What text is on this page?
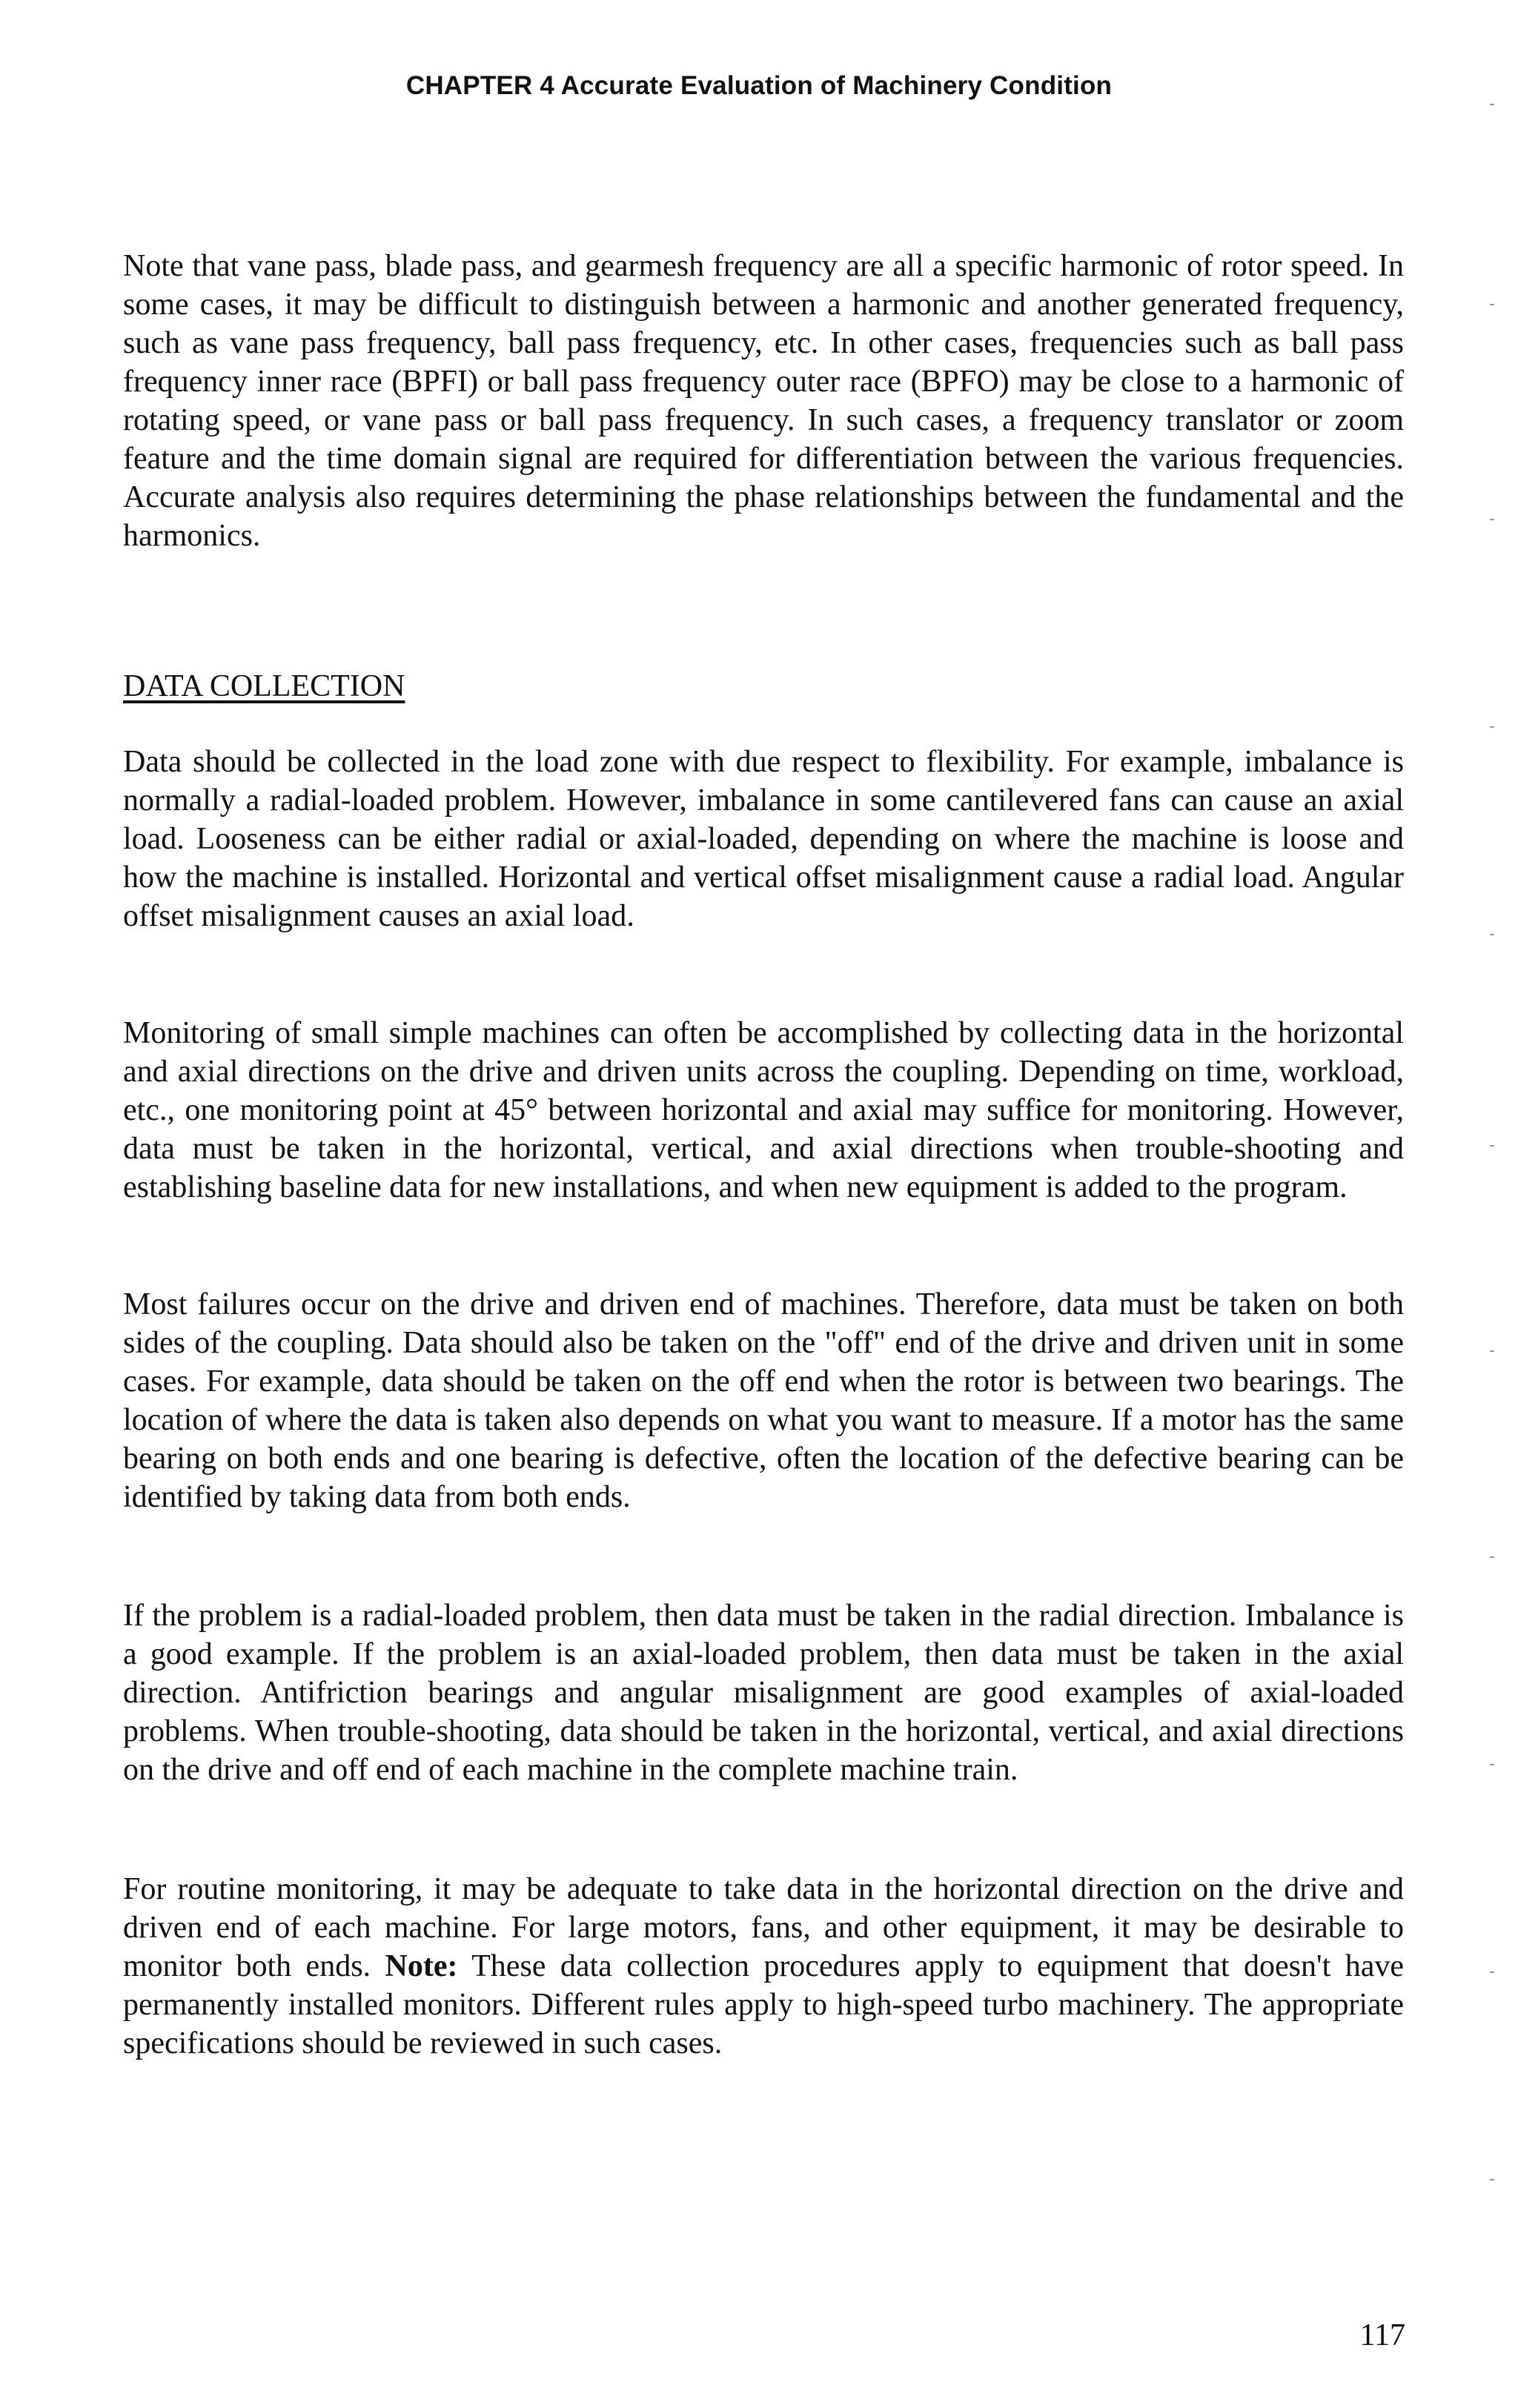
CHAPTER 4 Accurate Evaluation of Machinery Condition

Note that vane pass, blade pass, and gearmesh frequency are all a specific harmonic of rotor speed. In some cases, it may be difficult to distinguish between a harmonic and another generated frequency, such as vane pass frequency, ball pass frequency, etc. In other cases, frequencies such as ball pass frequency inner race (BPFI) or ball pass frequency outer race (BPFO) may be close to a harmonic of rotating speed, or vane pass or ball pass frequency. In such cases, a frequency translator or zoom feature and the time domain signal are required for differentiation between the various frequencies. Accurate analysis also requires determining the phase relationships between the fundamental and the harmonics.

DATA COLLECTION

Data should be collected in the load zone with due respect to flexibility. For example, imbalance is normally a radial-loaded problem. However, imbalance in some cantilevered fans can cause an axial load. Looseness can be either radial or axial-loaded, depending on where the machine is loose and how the machine is installed. Horizontal and vertical offset misalignment cause a radial load. Angular offset misalignment causes an axial load.

Monitoring of small simple machines can often be accomplished by collecting data in the horizontal and axial directions on the drive and driven units across the coupling. Depending on time, workload, etc., one monitoring point at 45° between horizontal and axial may suffice for monitoring. However, data must be taken in the horizontal, vertical, and axial directions when trouble-shooting and establishing baseline data for new installations, and when new equipment is added to the program.

Most failures occur on the drive and driven end of machines. Therefore, data must be taken on both sides of the coupling. Data should also be taken on the "off" end of the drive and driven unit in some cases. For example, data should be taken on the off end when the rotor is between two bearings. The location of where the data is taken also depends on what you want to measure. If a motor has the same bearing on both ends and one bearing is defective, often the location of the defective bearing can be identified by taking data from both ends.

If the problem is a radial-loaded problem, then data must be taken in the radial direction. Imbalance is a good example. If the problem is an axial-loaded problem, then data must be taken in the axial direction. Antifriction bearings and angular misalignment are good examples of axial-loaded problems. When trouble-shooting, data should be taken in the horizontal, vertical, and axial directions on the drive and off end of each machine in the complete machine train.

For routine monitoring, it may be adequate to take data in the horizontal direction on the drive and driven end of each machine. For large motors, fans, and other equipment, it may be desirable to monitor both ends. Note: These data collection procedures apply to equipment that doesn't have permanently installed monitors. Different rules apply to high-speed turbo machinery. The appropriate specifications should be reviewed in such cases.

117
